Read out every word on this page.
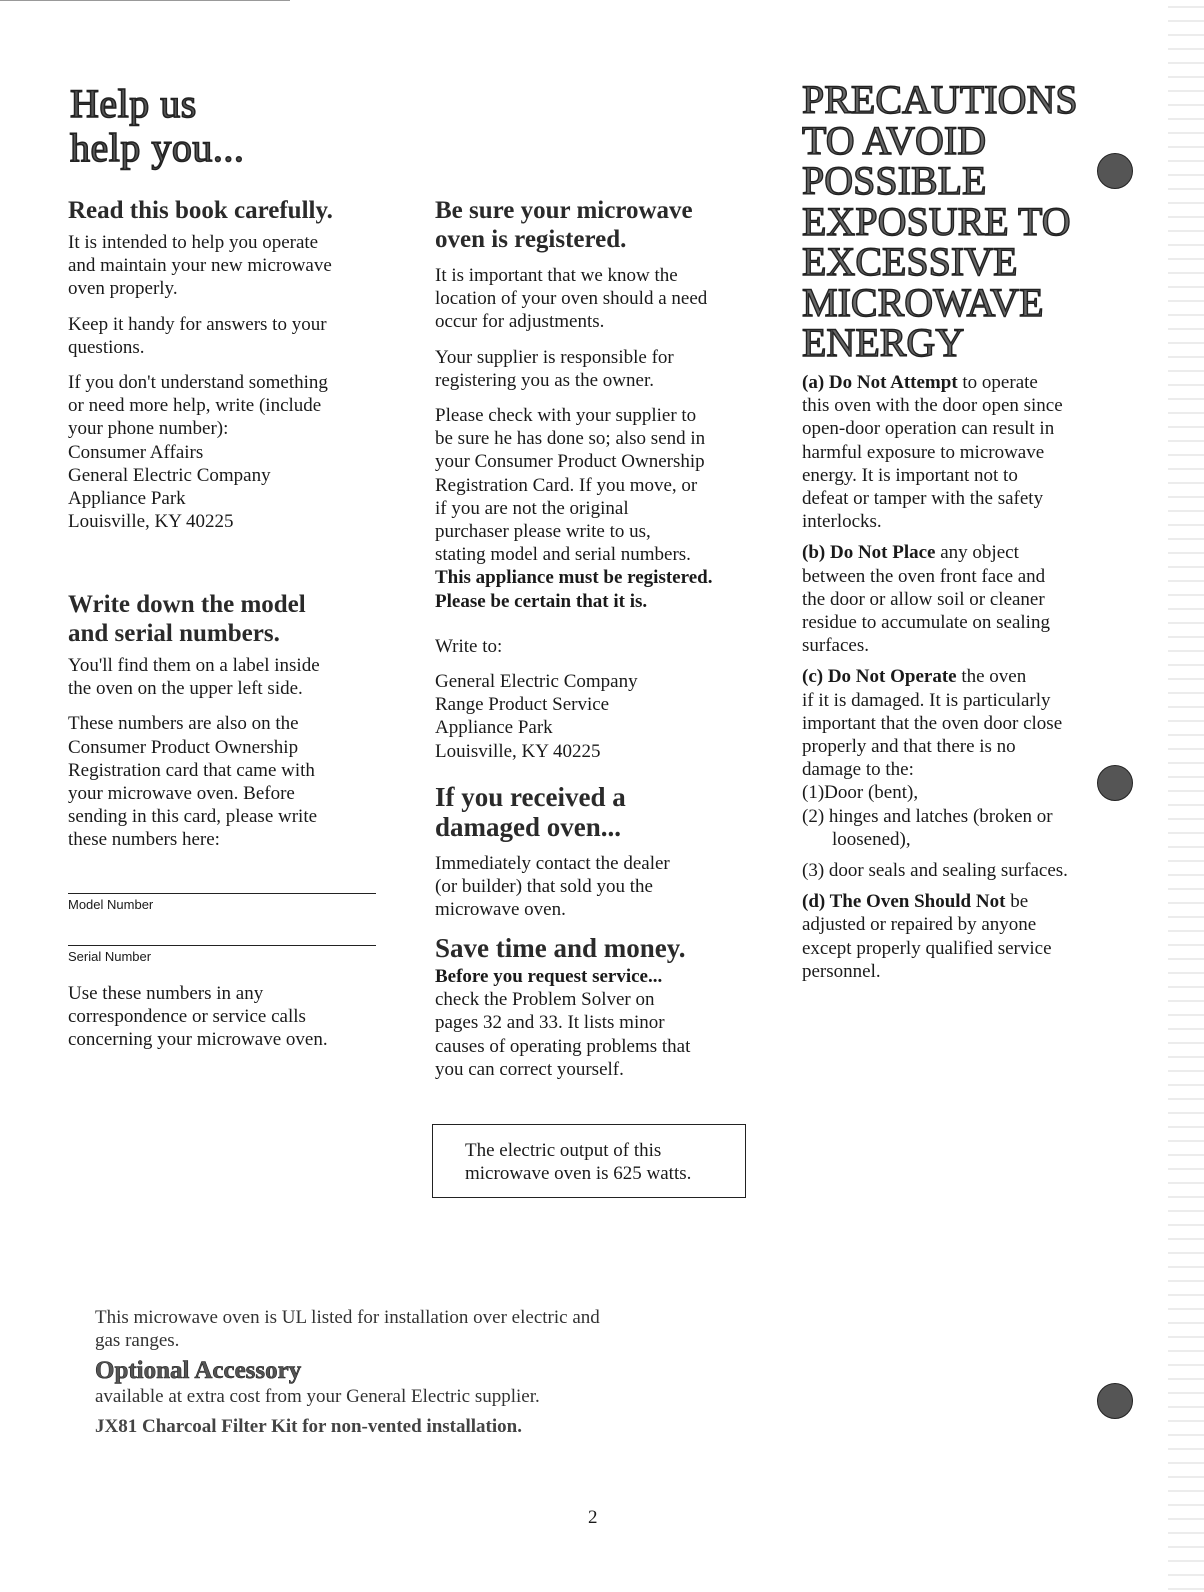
Help us
help you...
Read this book carefully.
It is intended to help you operate
and maintain your new microwave
oven properly.
Keep it handy for answers to your
questions.
If you don't understand something
or need more help, write (include
your phone number):
Consumer Affairs
General Electric Company
Appliance Park
Louisville, KY 40225
Write down the model
and serial numbers.
You'll find them on a label inside
the oven on the upper left side.
These numbers are also on the
Consumer Product Ownership
Registration card that came with
your microwave oven. Before
sending in this card, please write
these numbers here:
Model Number
Serial Number
Use these numbers in any
correspondence or service calls
concerning your microwave oven.
Be sure your microwave
oven is registered.
It is important that we know the
location of your oven should a need
occur for adjustments.
Your supplier is responsible for
registering you as the owner.
Please check with your supplier to
be sure he has done so; also send in
your Consumer Product Ownership
Registration Card. If you move, or
if you are not the original
purchaser please write to us,
stating model and serial numbers.
This appliance must be registered.
Please be certain that it is.
Write to:
General Electric Company
Range Product Service
Appliance Park
Louisville, KY 40225
If you received a
damaged oven...
Immediately contact the dealer
(or builder) that sold you the
microwave oven.
Save time and money.
Before you request service...
check the Problem Solver on
pages 32 and 33. It lists minor
causes of operating problems that
you can correct yourself.
The electric output of this
microwave oven is 625 watts.
PRECAUTIONS
TO AVOID
POSSIBLE
EXPOSURE TO
EXCESSIVE
MICROWAVE
ENERGY
(a) Do Not Attempt to operate
this oven with the door open since
open-door operation can result in
harmful exposure to microwave
energy. It is important not to
defeat or tamper with the safety
interlocks.
(b) Do Not Place any object
between the oven front face and
the door or allow soil or cleaner
residue to accumulate on sealing
surfaces.
(c) Do Not Operate the oven
if it is damaged. It is particularly
important that the oven door close
properly and that there is no
damage to the:
(1)Door (bent),
(2) hinges and latches (broken or
loosened),
(3) door seals and sealing surfaces.
(d) The Oven Should Not be
adjusted or repaired by anyone
except properly qualified service
personnel.
This microwave oven is UL listed for installation over electric and
gas ranges.
Optional Accessory
available at extra cost from your General Electric supplier.
JX81 Charcoal Filter Kit for non-vented installation.
2
